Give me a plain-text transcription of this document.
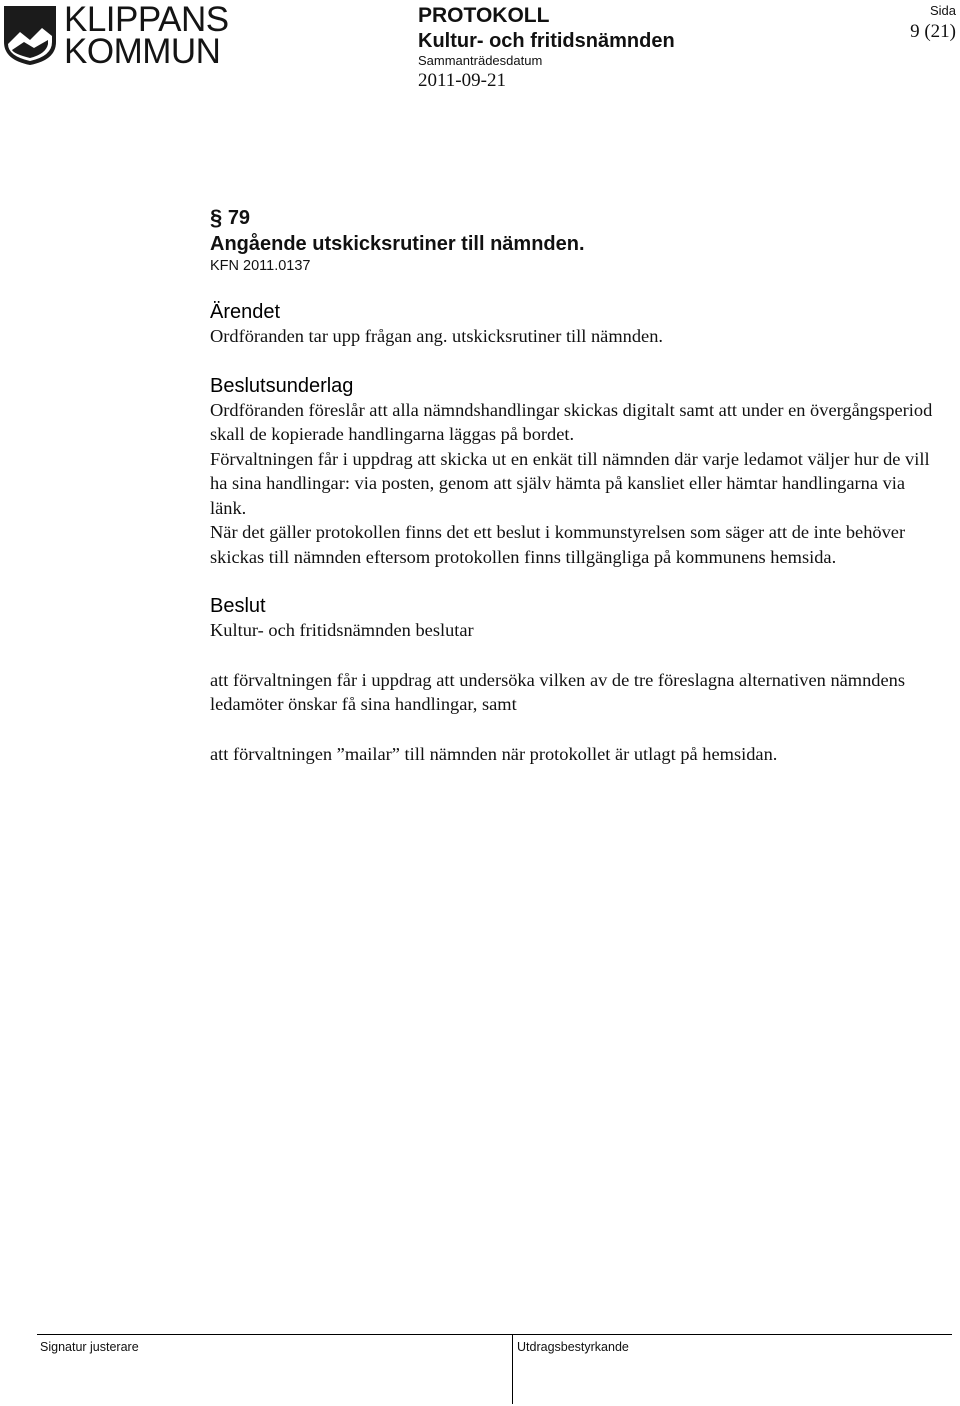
KLIPPANS
KOMMUN
PROTOKOLL
Kultur- och fritidsnämnden
Sammanträdesdatum
2011-09-21
Sida
9 (21)
§ 79
Angående utskicksrutiner till nämnden.
KFN 2011.0137
Ärendet

Ordföranden tar upp frågan ang. utskicksrutiner till nämnden.

Beslutsunderlag

Ordföranden föreslår att alla nämndshandlingar skickas digitalt samt att under en övergångsperiod skall de kopierade handlingarna läggas på bordet.

Förvaltningen får i uppdrag att skicka ut en enkät till nämnden där varje ledamot väljer hur de vill ha sina handlingar: via posten, genom att själv hämta på kansliet eller hämtar handlingarna via länk.

När det gäller protokollen finns det ett beslut i kommunstyrelsen som säger att de inte behöver skickas till nämnden eftersom protokollen finns tillgängliga på kommunens hemsida.

Beslut

Kultur- och fritidsnämnden beslutar

att förvaltningen får i uppdrag att undersöka vilken av de tre föreslagna alternativen nämndens ledamöter önskar få sina handlingar, samt

att förvaltningen ”mailar” till nämnden när protokollet är utlagt på hemsidan.

Signatur justerare	Utdragsbestyrkande
